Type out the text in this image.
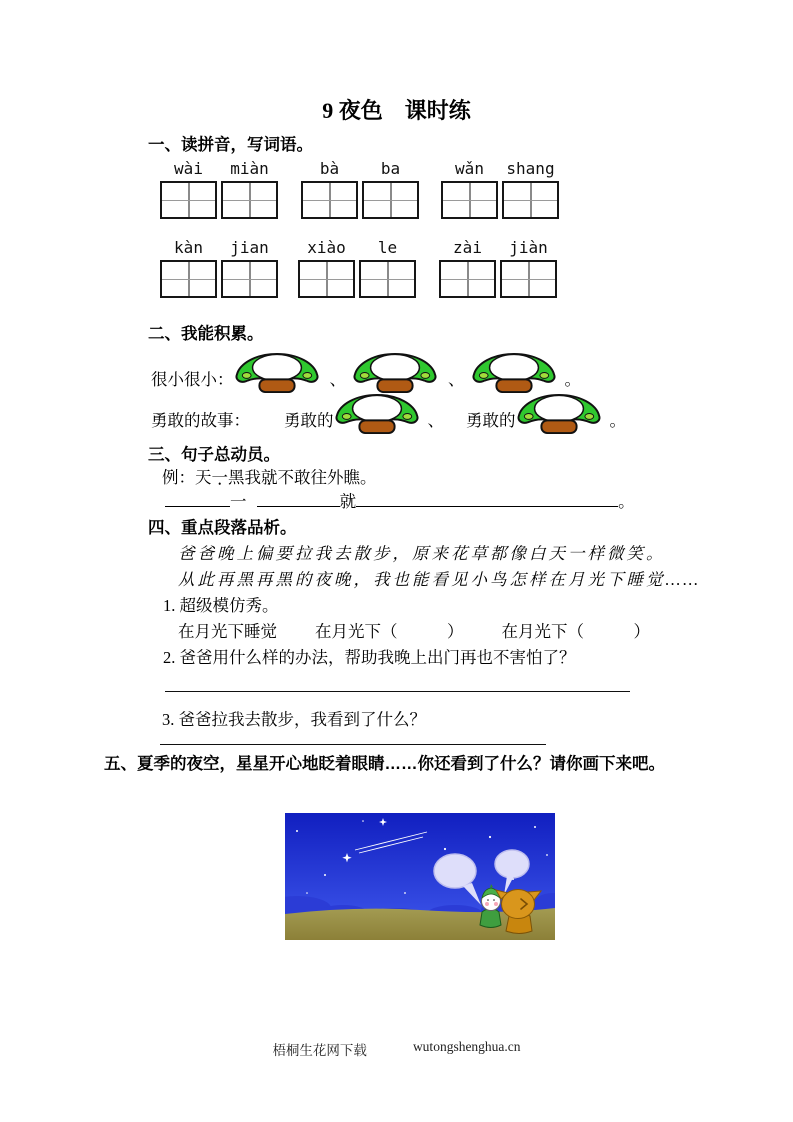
9 夜色　课时练
一、读拼音，写词语。
wài	miàn	bà	ba	wǎn	shang
kàn	jian	xiào	le	zài	jiàn
二、我能积累。
很小很小：	、	、	。
勇敢的故事：	勇敢的	、	勇敢的	。
三、句子总动员。
例：天一黑我就不敢往外瞧。
一	就	。
四、重点段落品析。
爸爸晚上偏要拉我去散步，原来花草都像白天一样微笑。
从此再黑再黑的夜晚，我也能看见小鸟怎样在月光下睡觉……
1. 超级模仿秀。
在月光下睡觉 在月光下（　　　） 在月光下（　　　）
2. 爸爸用什么样的办法，帮助我晚上出门再也不害怕了？
3. 爸爸拉我去散步，我看到了什么？
五、夏季的夜空，星星开心地眨着眼睛……你还看到了什么？请你画下来吧。
梧桐生花网下载	wutongshenghua.cn
